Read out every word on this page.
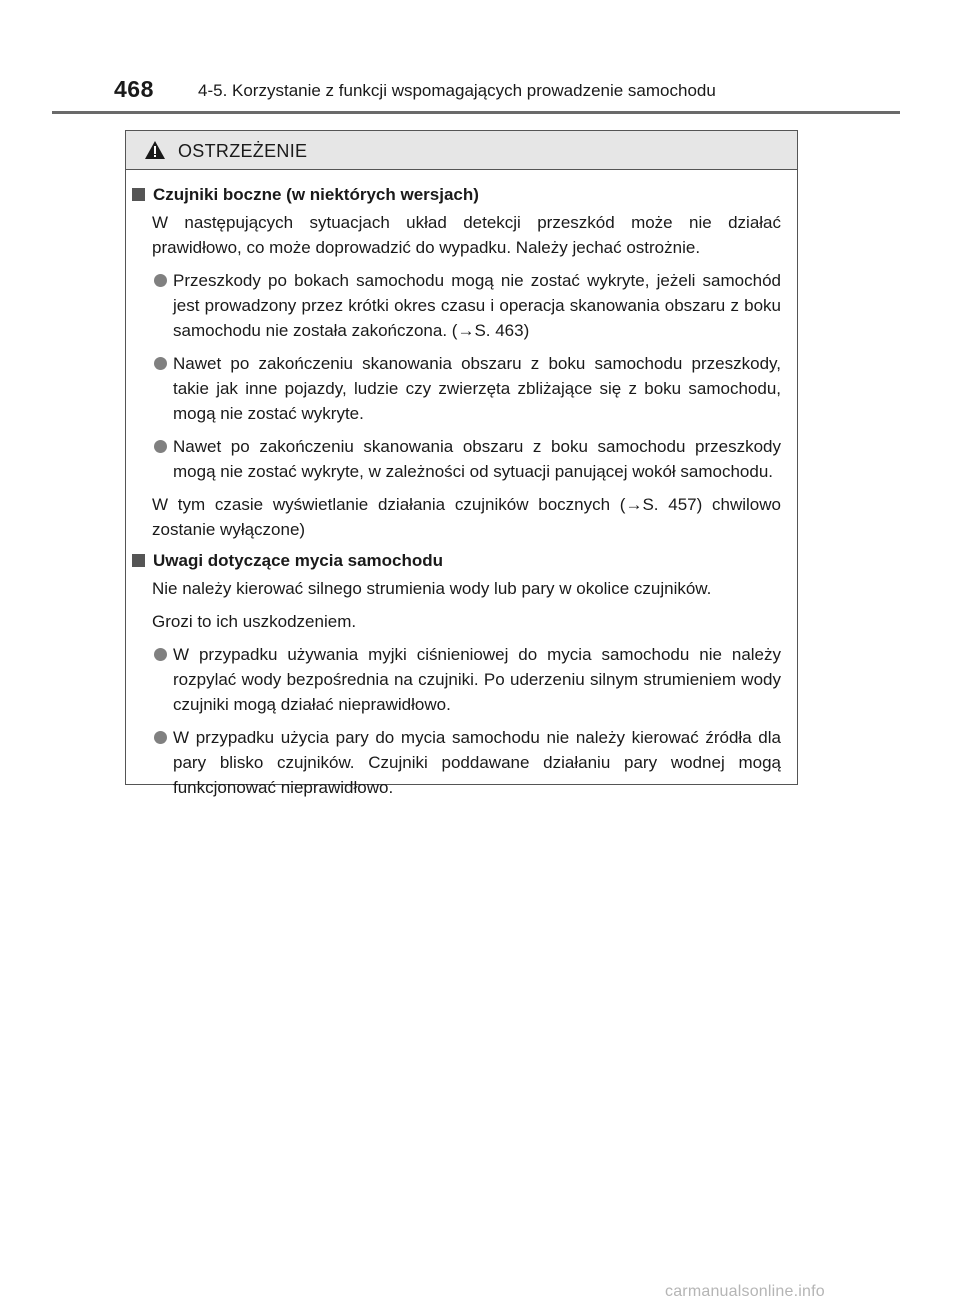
468	4-5. Korzystanie z funkcji wspomagających prowadzenie samochodu
OSTRZEŻENIE
Czujniki boczne (w niektórych wersjach)
W następujących sytuacjach układ detekcji przeszkód może nie działać prawidłowo, co może doprowadzić do wypadku. Należy jechać ostrożnie.
Przeszkody po bokach samochodu mogą nie zostać wykryte, jeżeli samochód jest prowadzony przez krótki okres czasu i operacja skanowania obszaru z boku samochodu nie została zakończona. (→S. 463)
Nawet po zakończeniu skanowania obszaru z boku samochodu przeszkody, takie jak inne pojazdy, ludzie czy zwierzęta zbliżające się z boku samochodu, mogą nie zostać wykryte.
Nawet po zakończeniu skanowania obszaru z boku samochodu przeszkody mogą nie zostać wykryte, w zależności od sytuacji panującej wokół samochodu.
W tym czasie wyświetlanie działania czujników bocznych (→S. 457) chwilowo zostanie wyłączone)
Uwagi dotyczące mycia samochodu
Nie należy kierować silnego strumienia wody lub pary w okolice czujników.
Grozi to ich uszkodzeniem.
W przypadku używania myjki ciśnieniowej do mycia samochodu nie należy rozpylać wody bezpośrednia na czujniki. Po uderzeniu silnym strumieniem wody czujniki mogą działać nieprawidłowo.
W przypadku użycia pary do mycia samochodu nie należy kierować źródła dla pary blisko czujników. Czujniki poddawane działaniu pary wodnej mogą funkcjonować nieprawidłowo.
carmanualsonline.info
